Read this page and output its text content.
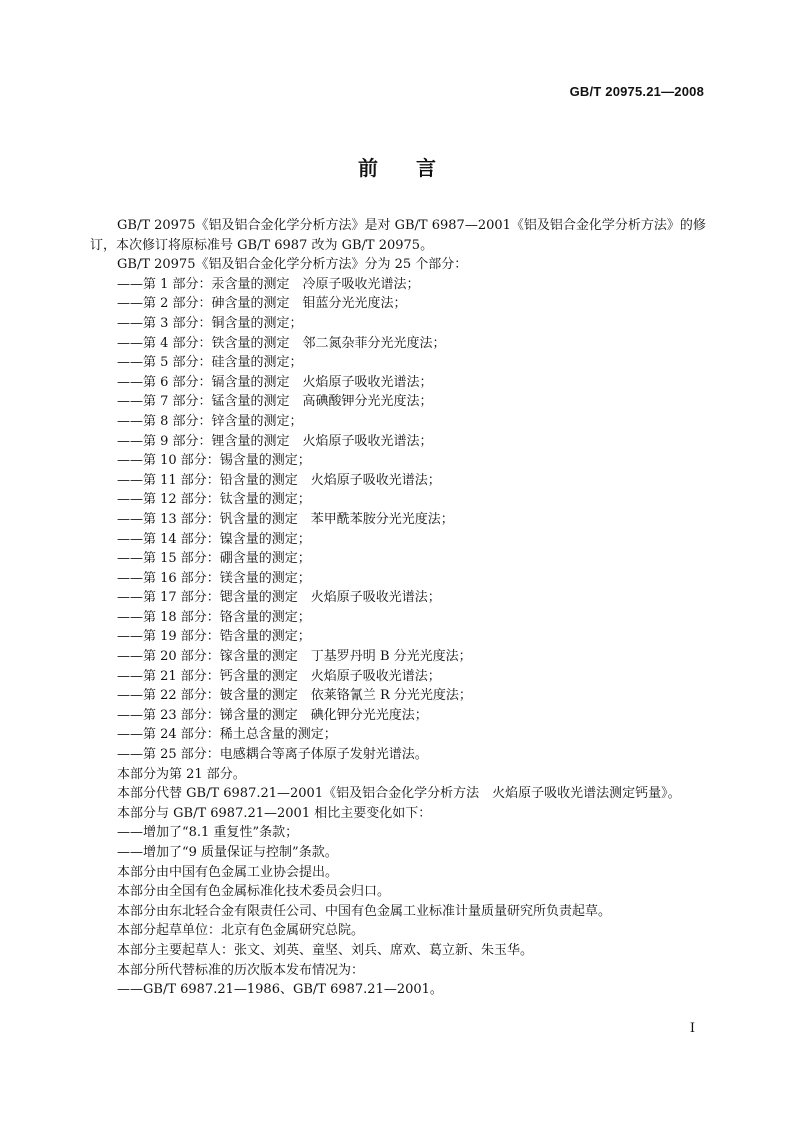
GB/T 20975.21—2008
前言
GB/T 20975《铝及铝合金化学分析方法》是对 GB/T 6987—2001《铝及铝合金化学分析方法》的修
订，本次修订将原标准号 GB/T 6987 改为 GB/T 20975。
GB/T 20975《铝及铝合金化学分析方法》分为 25 个部分：
——第 1 部分：汞含量的测定　冷原子吸收光谱法；
——第 2 部分：砷含量的测定　钼蓝分光光度法；
——第 3 部分：铜含量的测定；
——第 4 部分：铁含量的测定　邻二氮杂菲分光光度法；
——第 5 部分：硅含量的测定；
——第 6 部分：镉含量的测定　火焰原子吸收光谱法；
——第 7 部分：锰含量的测定　高碘酸钾分光光度法；
——第 8 部分：锌含量的测定；
——第 9 部分：锂含量的测定　火焰原子吸收光谱法；
——第 10 部分：锡含量的测定；
——第 11 部分：铅含量的测定　火焰原子吸收光谱法；
——第 12 部分：钛含量的测定；
——第 13 部分：钒含量的测定　苯甲酰苯胺分光光度法；
——第 14 部分：镍含量的测定；
——第 15 部分：硼含量的测定；
——第 16 部分：镁含量的测定；
——第 17 部分：锶含量的测定　火焰原子吸收光谱法；
——第 18 部分：铬含量的测定；
——第 19 部分：锆含量的测定；
——第 20 部分：镓含量的测定　丁基罗丹明 B 分光光度法；
——第 21 部分：钙含量的测定　火焰原子吸收光谱法；
——第 22 部分：铍含量的测定　依莱铬氰兰 R 分光光度法；
——第 23 部分：锑含量的测定　碘化钾分光光度法；
——第 24 部分：稀土总含量的测定；
——第 25 部分：电感耦合等离子体原子发射光谱法。
本部分为第 21 部分。
本部分代替 GB/T 6987.21—2001《铝及铝合金化学分析方法　火焰原子吸收光谱法测定钙量》。
本部分与 GB/T 6987.21—2001 相比主要变化如下：
——增加了“8.1 重复性”条款；
——增加了“9 质量保证与控制”条款。
本部分由中国有色金属工业协会提出。
本部分由全国有色金属标准化技术委员会归口。
本部分由东北轻合金有限责任公司、中国有色金属工业标准计量质量研究所负责起草。
本部分起草单位：北京有色金属研究总院。
本部分主要起草人：张文、刘英、童坚、刘兵、席欢、葛立新、朱玉华。
本部分所代替标准的历次版本发布情况为：
——GB/T 6987.21—1986、GB/T 6987.21—2001。
I
